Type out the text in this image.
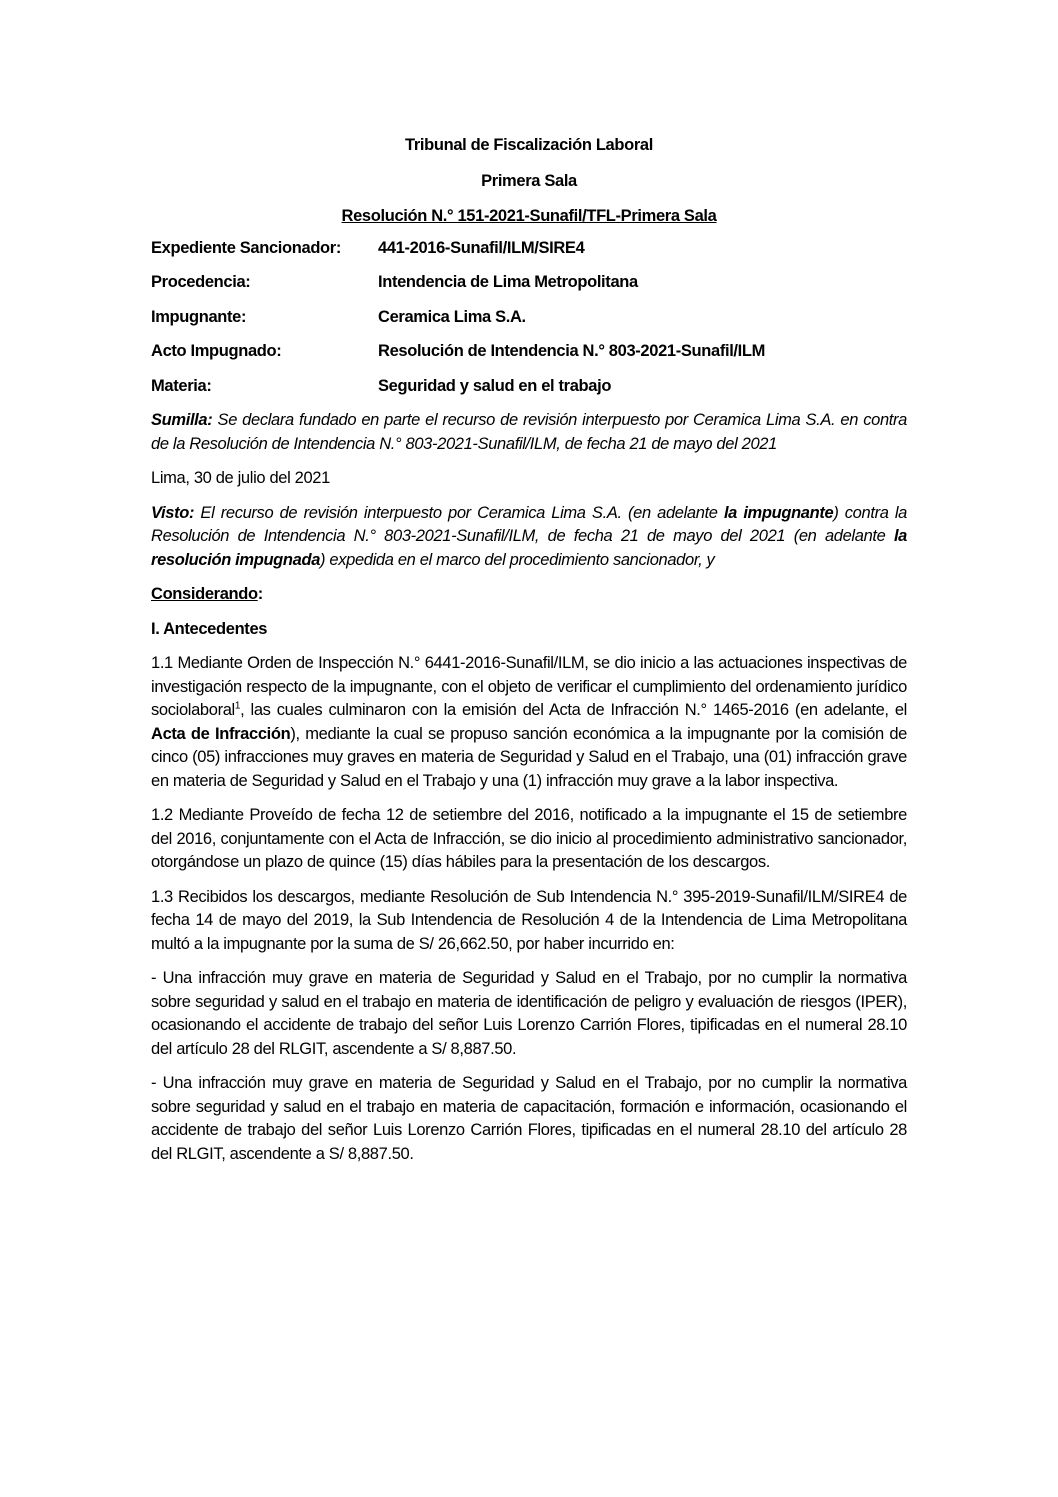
Tribunal de Fiscalización Laboral
Primera Sala
Resolución N.° 151-2021-Sunafil/TFL-Primera Sala
Expediente Sancionador:	441-2016-Sunafil/ILM/SIRE4
Procedencia:	Intendencia de Lima Metropolitana
Impugnante:	Ceramica Lima S.A.
Acto Impugnado:	Resolución de Intendencia N.° 803-2021-Sunafil/ILM
Materia:	Seguridad y salud en el trabajo

Sumilla: Se declara fundado en parte el recurso de revisión interpuesto por Ceramica Lima S.A. en contra de la Resolución de Intendencia N.° 803-2021-Sunafil/ILM, de fecha 21 de mayo del 2021

Lima, 30 de julio del 2021

Visto: El recurso de revisión interpuesto por Ceramica Lima S.A. (en adelante la impugnante) contra la Resolución de Intendencia N.° 803-2021-Sunafil/ILM, de fecha 21 de mayo del 2021 (en adelante la resolución impugnada) expedida en el marco del procedimiento sancionador, y

Considerando:

I. Antecedentes

1.1 Mediante Orden de Inspección N.° 6441-2016-Sunafil/ILM, se dio inicio a las actuaciones inspectivas de investigación respecto de la impugnante, con el objeto de verificar el cumplimiento del ordenamiento jurídico sociolaboral$^1$, las cuales culminaron con la emisión del Acta de Infracción N.° 1465-2016 (en adelante, el Acta de Infracción), mediante la cual se propuso sanción económica a la impugnante por la comisión de cinco (05) infracciones muy graves en materia de Seguridad y Salud en el Trabajo, una (01) infracción grave en materia de Seguridad y Salud en el Trabajo y una (1) infracción muy grave a la labor inspectiva.

1.2 Mediante Proveído de fecha 12 de setiembre del 2016, notificado a la impugnante el 15 de setiembre del 2016, conjuntamente con el Acta de Infracción, se dio inicio al procedimiento administrativo sancionador, otorgándose un plazo de quince (15) días hábiles para la presentación de los descargos.

1.3 Recibidos los descargos, mediante Resolución de Sub Intendencia N.° 395-2019-Sunafil/ILM/SIRE4 de fecha 14 de mayo del 2019, la Sub Intendencia de Resolución 4 de la Intendencia de Lima Metropolitana multó a la impugnante por la suma de S/ 26,662.50, por haber incurrido en:

- Una infracción muy grave en materia de Seguridad y Salud en el Trabajo, por no cumplir la normativa sobre seguridad y salud en el trabajo en materia de identificación de peligro y evaluación de riesgos (IPER), ocasionando el accidente de trabajo del señor Luis Lorenzo Carrión Flores, tipificadas en el numeral 28.10 del artículo 28 del RLGIT, ascendente a S/ 8,887.50.

- Una infracción muy grave en materia de Seguridad y Salud en el Trabajo, por no cumplir la normativa sobre seguridad y salud en el trabajo en materia de capacitación, formación e información, ocasionando el accidente de trabajo del señor Luis Lorenzo Carrión Flores, tipificadas en el numeral 28.10 del artículo 28 del RLGIT, ascendente a S/ 8,887.50.
